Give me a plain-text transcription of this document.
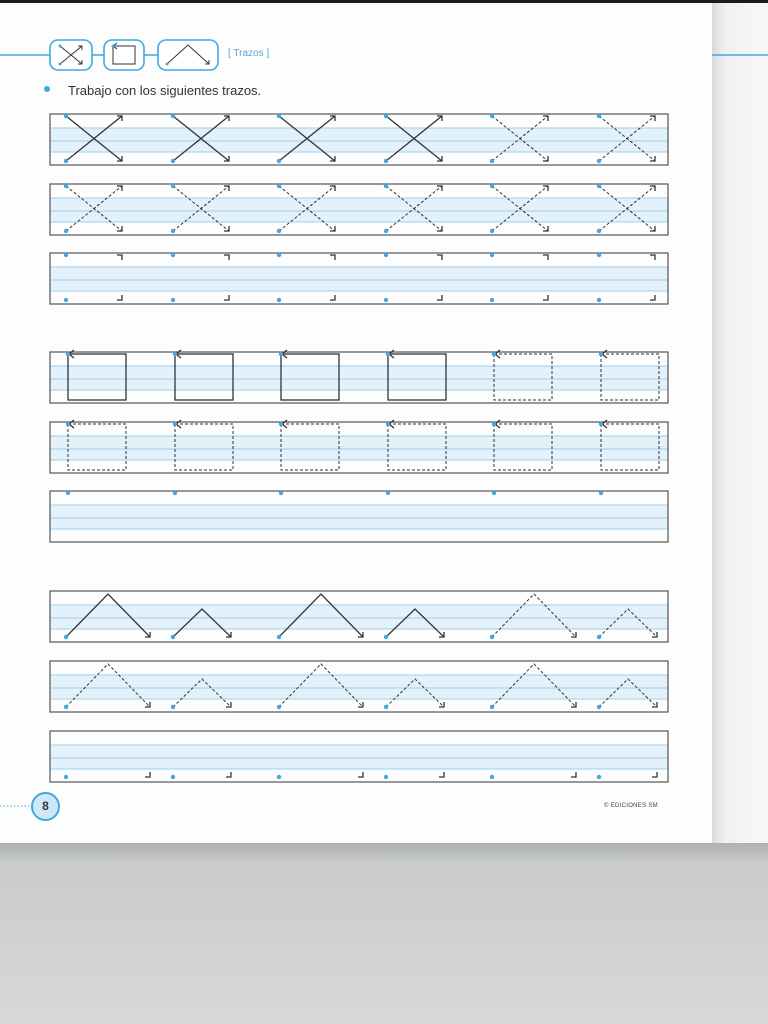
[ Trazos ]
Trabajo con los siguientes trazos.
8	© EDICIONES SM
